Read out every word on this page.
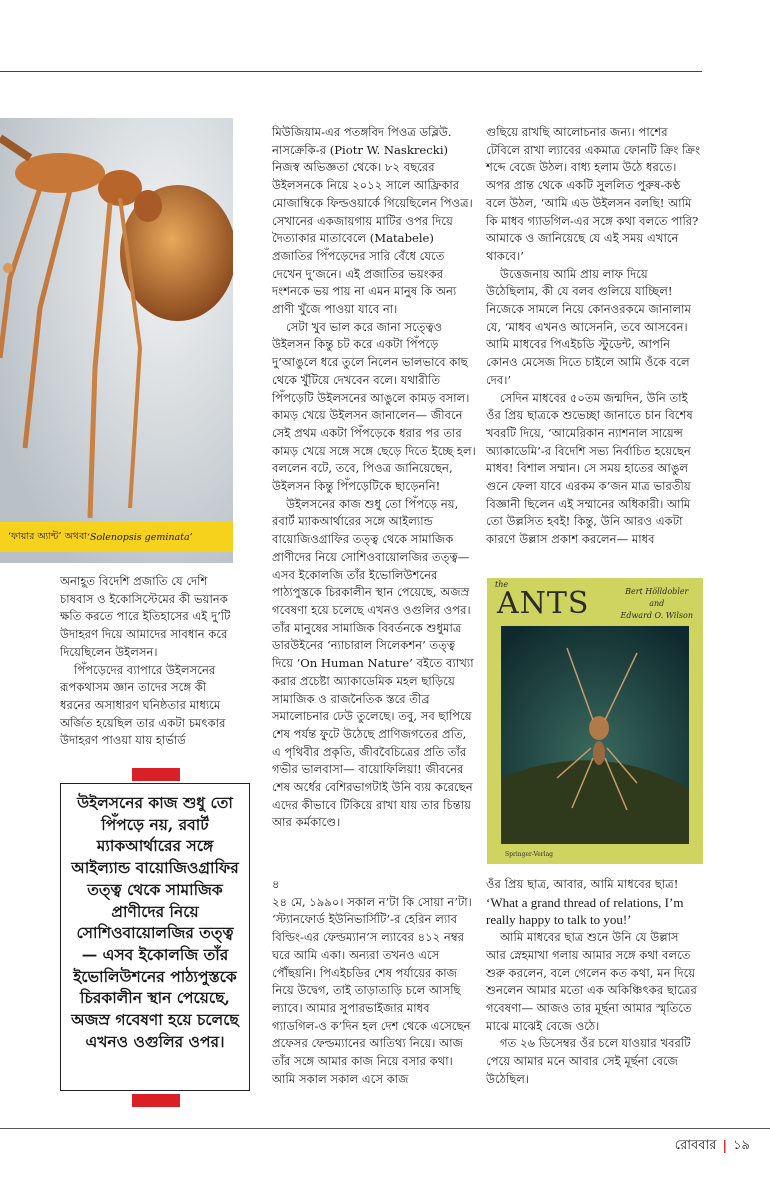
‘ফায়ার অ্যান্ট’ অথবা ‘Solenopsis geminata’

অনাহূত বিদেশি প্রজাতি যে দেশি চাষবাস ও ইকোসিস্টেমের কী ভয়ানক ক্ষতি করতে পারে ইতিহাসের এই দু’টি উদাহরণ দিয়ে আমাদের সাবধান করে দিয়েছিলেন উইলসন।

পিঁপড়েদের ব্যাপারে উইলসনের রূপকথাসম জ্ঞান তাদের সঙ্গে কী ধরনের অসাধারণ ঘনিষ্ঠতার মাধ্যমে অর্জিত হয়েছিল তার একটা চমৎকার উদাহরণ পাওয়া যায় হার্ভার্ড

উইলসনের কাজ শুধু তো পিঁপড়ে নয়, রবার্ট ম্যাকআর্থারের সঙ্গে আইল্যান্ড বায়োজিওগ্রাফির তত্ত্ব থেকে সামাজিক প্রাণীদের নিয়ে সোশিওবায়োলজির তত্ত্ব— এসব ইকোলজি তাঁর ইভোলিউশনের পাঠ্যপুস্তকে চিরকালীন স্থান পেয়েছে, অজস্র গবেষণা হয়ে চলেছে এখনও ওগুলির ওপর।

মিউজিয়াম-এর পতঙ্গবিদ পিওত্র ডব্লিউ. নাসক্রেকি-র (Piotr W. Naskrecki) নিজস্ব অভিজ্ঞতা থেকে। ৮২ বছরের উইলসনকে নিয়ে ২০১২ সালে আফ্রিকার মোজাম্বিকে ফিল্ডওয়ার্কে গিয়েছিলেন পিওত্র। সেখানের একজায়গায় মাটির ওপর দিয়ে দৈত্যাকার মাতাবেলে (Matabele) প্রজাতির পিঁপড়েদের সারি বেঁধে যেতে দেখেন দু’জনে। এই প্রজাতির ভয়ংকর দংশনকে ভয় পায় না এমন মানুষ কি অন্য প্রাণী খুঁজে পাওয়া যাবে না।

সেটা খুব ভাল করে জানা সত্ত্বেও উইলসন কিন্তু চট করে একটা পিঁপড়ে দু’আঙুলে ধরে তুলে নিলেন ভালভাবে কাছ থেকে খুঁটিয়ে দেখবেন বলে। যথারীতি পিঁপড়েটি উইলসনের আঙুলে কামড় বসাল। কামড় খেয়ে উইলসন জানালেন— জীবনে সেই প্রথম একটা পিঁপড়েকে ধরার পর তার কামড় খেয়ে সঙ্গে সঙ্গে ছেড়ে দিতে ইচ্ছে হল। বললেন বটে, তবে, পিওত্র জানিয়েছেন, উইলসন কিন্তু পিঁপড়েটিকে ছাড়েননি!

উইলসনের কাজ শুধু তো পিঁপড়ে নয়, রবার্ট ম্যাকআর্থারের সঙ্গে আইল্যান্ড বায়োজিওগ্রাফির তত্ত্ব থেকে সামাজিক প্রাণীদের নিয়ে সোশিওবায়োলজির তত্ত্ব— এসব ইকোলজি তাঁর ইভোলিউশনের পাঠ্যপুস্তকে চিরকালীন স্থান পেয়েছে, অজস্র গবেষণা হয়ে চলেছে এখনও ওগুলির ওপর। তাঁর মানুষের সামাজিক বিবর্তনকে শুধুমাত্র ডারউইনের ‘ন্যাচারাল সিলেকশন’ তত্ত্ব দিয়ে ‘On Human Nature’ বইতে ব্যাখ্যা করার প্রচেষ্টা অ্যাকাডেমিক মহল ছাড়িয়ে সামাজিক ও রাজনৈতিক স্তরে তীব্র সমালোচনার ঢেউ তুলেছে। তবু, সব ছাপিয়ে শেষ পর্যন্ত ফুটে উঠেছে প্রাণিজগতের প্রতি, এ পৃথিবীর প্রকৃতি, জীববৈচিত্রের প্রতি তাঁর গভীর ভালবাসা— বায়োফিলিয়া! জীবনের শেষ অর্ধের বেশিরভাগটাই উনি ব্যয় করেছেন এদের কীভাবে টিকিয়ে রাখা যায় তার চিন্তায় আর কর্মকাণ্ডে।

৪

২৪ মে, ১৯৯০। সকাল ন’টা কি সোয়া ন’টা। ‘স্ট্যানফোর্ড ইউনিভার্সিটি’-র হেরিন ল্যাব বিল্ডিং-এর ফেল্ডম্যান’স ল্যাবের ৪১২ নম্বর ঘরে আমি একা। অন্যরা তখনও এসে পৌঁছয়নি। পিএইচডির শেষ পর্যায়ের কাজ নিয়ে উদ্বেগ, তাই তাড়াতাড়ি চলে আসছি ল্যাবে। আমার সুপারভাইজার মাধব গ্যাডগিল-ও ক’দিন হল দেশ থেকে এসেছেন প্রফেসর ফেল্ডম্যানের আতিথ্য নিয়ে। আজ তাঁর সঙ্গে আমার কাজ নিয়ে বসার কথা। আমি সকাল সকাল এসে কাজ

গুছিয়ে রাখছি আলোচনার জন্য। পাশের টেবিলে রাখা ল্যাবের একমাত্র ফোনটি ক্রিং ক্রিং শব্দে বেজে উঠল। বাধ্য হলাম উঠে ধরতে। অপর প্রান্ত থেকে একটি সুললিত পুরুষ-কণ্ঠ বলে উঠল, ‘আমি এড উইলসন বলছি! আমি কি মাধব গ্যাডগিল-এর সঙ্গে কথা বলতে পারি? আমাকে ও জানিয়েছে যে এই সময় এখানে থাকবে।’

উত্তেজনায় আমি প্রায় লাফ দিয়ে উঠেছিলাম, কী যে বলব গুলিয়ে যাচ্ছিল! নিজেকে সামলে নিয়ে কোনওরকমে জানালাম যে, ‘মাধব এখনও আসেননি, তবে আসবেন। আমি মাধবের পিএইচডি স্টুডেন্ট, আপনি কোনও মেসেজ দিতে চাইলে আমি ওঁকে বলে দেব।’

সেদিন মাধবের ৫০তম জন্মদিন, উনি তাই ওঁর প্রিয় ছাত্রকে শুভেচ্ছা জানাতে চান বিশেষ খবরটি দিয়ে, ‘আমেরিকান ন্যাশনাল সায়েন্স অ্যাকাডেমি’-র বিদেশি সভ্য নির্বাচিত হয়েছেন মাধব! বিশাল সম্মান। সে সময় হাতের আঙুল গুনে ফেলা যাবে এরকম ক’জন মাত্র ভারতীয় বিজ্ঞানী ছিলেন এই সম্মানের অধিকারী। আমি তো উল্লসিত হবই! কিন্তু, উনি আরও একটা কারণে উল্লাস প্রকাশ করলেন— মাধব

the
ANTS	Bert Hölldobler
and
Edward O. Wilson
Springer-Verlag

ওঁর প্রিয় ছাত্র, আবার, আমি মাধবের ছাত্র!

‘What a grand thread of relations, I’m really happy to talk to you!’

আমি মাধবের ছাত্র শুনে উনি যে উল্লাস আর স্নেহমাখা গলায় আমার সঙ্গে কথা বলতে শুরু করলেন, বলে গেলেন কত কথা, মন দিয়ে শুনলেন আমার মতো এক অকিঞ্চিৎকর ছাত্রের গবেষণা— আজও তার মূর্ছনা আমার স্মৃতিতে মাঝে মাঝেই বেজে ওঠে।

গত ২৬ ডিসেম্বর ওঁর চলে যাওয়ার খবরটি পেয়ে আমার মনে আবার সেই মূর্ছনা বেজে উঠেছিল।

রোববার | ১৯
